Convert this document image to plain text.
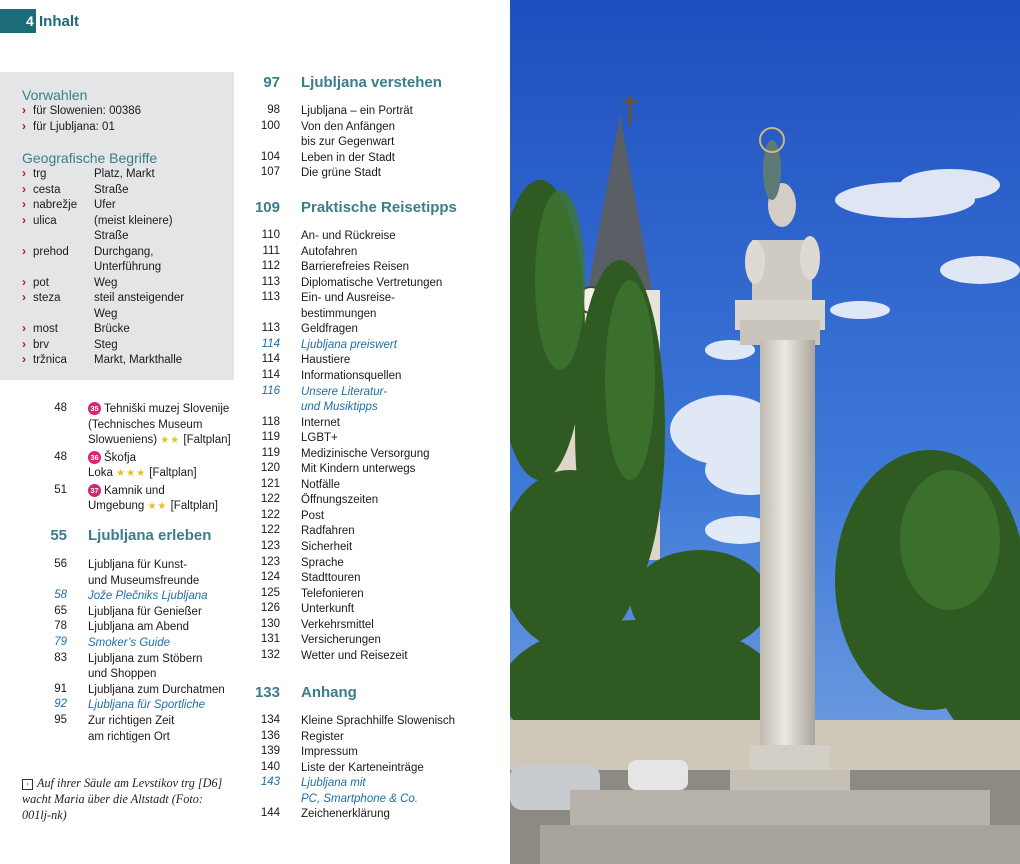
4 Inhalt
Vorwahlen
› für Slowenien: 00386
› für Ljubljana: 01
Geografische Begriffe
› trg	Platz, Markt
› cesta	Straße
› nabrežje Ufer
› ulica	(meist kleinere)
Straße
› prehod Durchgang,
Unterführung
› pot	Weg
› steza	steil ansteigender
Weg
› most	Brücke
› brv	Steg
› tržnica Markt, Markthalle
48	35 Tehniški muzej Slovenije
(Technisches Museum
Slowueniens) ★★ [Faltplan]
48	36 Škofja
Loka ★★★ [Faltplan]
51	37 Kamnik und
Umgebung ★★ [Faltplan]
55 Ljubljana erleben
56 Ljubljana für Kunst-
und Museumsfreunde
58 Jože Plečniks Ljubljana
65 Ljubljana für Genießer
78 Ljubljana am Abend
79 Smoker’s Guide
83 Ljubljana zum Stöbern
und Shoppen
91 Ljubljana zum Durchatmen
92 Ljubljana für Sportliche
95 Zur richtigen Zeit
am richtigen Ort
97 Ljubljana verstehen
98 Ljubljana – ein Porträt
100 Von den Anfängen
bis zur Gegenwart
104 Leben in der Stadt
107 Die grüne Stadt
109 Praktische Reisetipps
110 An- und Rückreise
111 Autofahren
112 Barrierefreies Reisen
113 Diplomatische Vertretungen
113 Ein- und Ausreise-
bestimmungen
113 Geldfragen
114 Ljubljana preiswert
114 Haustiere
114 Informationsquellen
116 Unsere Literatur-
und Musiktipps
118 Internet
119 LGBT+
119 Medizinische Versorgung
120 Mit Kindern unterwegs
121 Notfälle
122 Öffnungszeiten
122 Post
122 Radfahren
123 Sicherheit
123 Sprache
124 Stadttouren
125 Telefonieren
126 Unterkunft
130 Verkehrsmittel
131 Versicherungen
132 Wetter und Reisezeit
133 Anhang
134 Kleine Sprachhilfe Slowenisch
136 Register
139 Impressum
140 Liste der Karteneinträge
143 Ljubljana mit
PC, Smartphone & Co.
144 Zeichenerklärung
› Auf ihrer Säule am Levstikov trg [D6] wacht Maria über die Altstadt (Foto: 001lj-nk)
